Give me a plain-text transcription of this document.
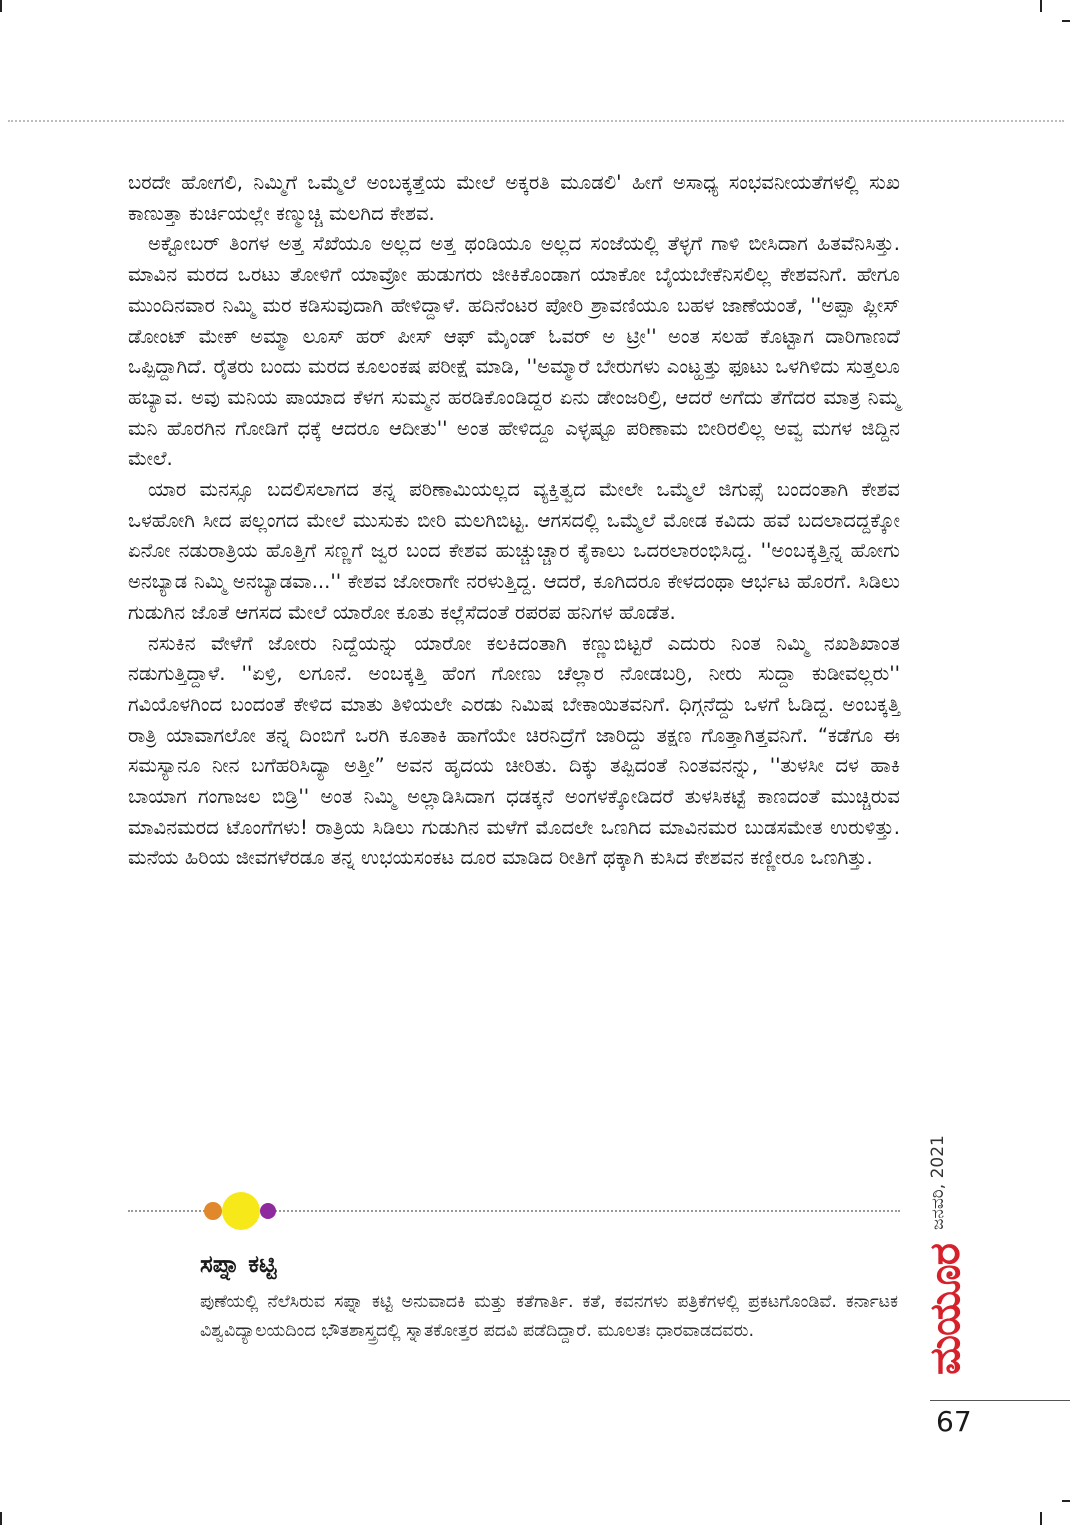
ಬರದೇ ಹೋಗಲಿ, ನಿಮ್ಮಿಗೆ ಒಮ್ಮೆಲೆ ಅಂಬಕ್ಕತ್ತೆಯ ಮೇಲೆ ಅಕ್ಕರತಿ ಮೂಡಲಿ' ಹೀಗೆ ಅಸಾಧ್ಯ ಸಂಭವನೀಯತೆಗಳಲ್ಲಿ ಸುಖ ಕಾಣುತ್ತಾ ಕುರ್ಚಿಯಲ್ಲೇ ಕಣ್ಮುಚ್ಚಿ ಮಲಗಿದ ಕೇಶವ.

ಅಕ್ಟೋಬರ್ ತಿಂಗಳ ಅತ್ತ ಸೆಖೆಯೂ ಅಲ್ಲದ ಅತ್ತ ಥಂಡಿಯೂ ಅಲ್ಲದ ಸಂಜೆಯಲ್ಲಿ ತೆಳ್ಳಗೆ ಗಾಳಿ ಬೀಸಿದಾಗ ಹಿತವೆನಿಸಿತ್ತು. ಮಾವಿನ ಮರದ ಒರಟು ತೋಳಿಗೆ ಯಾವ್ರೋ ಹುಡುಗರು ಜೀಕಿಕೊಂಡಾಗ ಯಾಕೋ ಬೈಯಬೇಕೆನಿಸಲಿಲ್ಲ ಕೇಶವನಿಗೆ. ಹೇಗೂ ಮುಂದಿನವಾರ ನಿಮ್ಮಿ ಮರ ಕಡಿಸುವುದಾಗಿ ಹೇಳಿದ್ದಾಳೆ. ಹದಿನೆಂಟರ ಪೋರಿ ಶ್ರಾವಣಿಯೂ ಬಹಳ ಜಾಣೆಯಂತೆ, ''ಅಪ್ಪಾ ಪ್ಲೀಸ್ ಡೋಂಟ್ ಮೇಕ್ ಅಮ್ಮಾ ಲೂಸ್ ಹರ್ ಪೀಸ್ ಆಫ್ ಮೈಂಡ್ ಓವರ್ ಅ ಟ್ರೀ'' ಅಂತ ಸಲಹೆ ಕೊಟ್ಟಾಗ ದಾರಿಗಾಣದೆ ಒಪ್ಪಿದ್ದಾಗಿದೆ. ರೈತರು ಬಂದು ಮರದ ಕೂಲಂಕಷ ಪರೀಕ್ಷೆ ಮಾಡಿ, ''ಅಮ್ಮಾರೆ ಬೇರುಗಳು ಎಂಟ್ಹತ್ತು ಫೂಟು ಒಳಗಿಳಿದು ಸುತ್ತಲೂ ಹಬ್ಯಾವ. ಅವು ಮನಿಯ ಪಾಯಾದ ಕೆಳಗ ಸುಮ್ಮನ ಹರಡಿಕೊಂಡಿದ್ದರ ಏನು ಡೇಂಜರಿಲ್ರಿ, ಆದರೆ ಅಗೆದು ತೆಗೆದರ ಮಾತ್ರ ನಿಮ್ಮ ಮನಿ ಹೊರಗಿನ ಗೋಡಿಗೆ ಧಕ್ಕೆ ಆದರೂ ಆದೀತು'' ಅಂತ ಹೇಳಿದ್ದೂ ಎಳ್ಳಷ್ಟೂ ಪರಿಣಾಮ ಬೀರಿರಲಿಲ್ಲ ಅವ್ವ ಮಗಳ ಜಿದ್ದಿನ ಮೇಲೆ.

ಯಾರ ಮನಸ್ಸೂ ಬದಲಿಸಲಾಗದ ತನ್ನ ಪರಿಣಾಮಿಯಲ್ಲದ ವ್ಯಕ್ತಿತ್ವದ ಮೇಲೇ ಒಮ್ಮೆಲೆ ಜಿಗುಪ್ಸೆ ಬಂದಂತಾಗಿ ಕೇಶವ ಒಳಹೋಗಿ ಸೀದ ಪಲ್ಲಂಗದ ಮೇಲೆ ಮುಸುಕು ಬೀರಿ ಮಲಗಿಬಿಟ್ಟ. ಆಗಸದಲ್ಲಿ ಒಮ್ಮೆಲೆ ಮೋಡ ಕವಿದು ಹವೆ ಬದಲಾದದ್ದಕ್ಕೋ ಏನೋ ನಡುರಾತ್ರಿಯ ಹೊತ್ತಿಗೆ ಸಣ್ಣಗೆ ಜ್ವರ ಬಂದ ಕೇಶವ ಹುಚ್ಚುಚ್ಚಾರ ಕೈಕಾಲು ಒದರಲಾರಂಭಿಸಿದ್ದ. ''ಅಂಬಕ್ಕತ್ತಿನ್ನ ಹೋಗು ಅನಬ್ಯಾಡ ನಿಮ್ಮಿ ಅನಬ್ಯಾಡವಾ...'' ಕೇಶವ ಜೋರಾಗೇ ನರಳುತ್ತಿದ್ದ. ಆದರೆ, ಕೂಗಿದರೂ ಕೇಳದಂಥಾ ಆರ್ಭಟ ಹೊರಗೆ. ಸಿಡಿಲು ಗುಡುಗಿನ ಜೊತೆ ಆಗಸದ ಮೇಲೆ ಯಾರೋ ಕೂತು ಕಲ್ಲೆಸೆದಂತೆ ರಪರಪ ಹನಿಗಳ ಹೊಡೆತ.

ನಸುಕಿನ ವೇಳೆಗೆ ಜೋರು ನಿದ್ದೆಯನ್ನು ಯಾರೋ ಕಲಕಿದಂತಾಗಿ ಕಣ್ಣುಬಿಟ್ಟರೆ ಎದುರು ನಿಂತ ನಿಮ್ಮಿ ನಖಶಿಖಾಂತ ನಡುಗುತ್ತಿದ್ದಾಳೆ. ''ಏಳ್ರಿ, ಲಗೂನೆ. ಅಂಬಕ್ಕತ್ತಿ ಹೆಂಗ ಗೋಣು ಚೆಲ್ಲಾರ ನೋಡಬರ್ರಿ, ನೀರು ಸುದ್ದಾ ಕುಡೀವಲ್ಲರು'' ಗವಿಯೊಳಗಿಂದ ಬಂದಂತೆ ಕೇಳಿದ ಮಾತು ತಿಳಿಯಲೇ ಎರಡು ನಿಮಿಷ ಬೇಕಾಯಿತವನಿಗೆ. ಧಿಗ್ಗನೆದ್ದು ಒಳಗೆ ಓಡಿದ್ದ. ಅಂಬಕ್ಕತ್ತಿ ರಾತ್ರಿ ಯಾವಾಗಲೋ ತನ್ನ ದಿಂಬಿಗೆ ಒರಗಿ ಕೂತಾಕಿ ಹಾಗೆಯೇ ಚಿರನಿದ್ರೆಗೆ ಜಾರಿದ್ದು ತಕ್ಷಣ ಗೊತ್ತಾಗಿತ್ತವನಿಗೆ. “ಕಡೆಗೂ ಈ ಸಮಸ್ಯಾನೂ ನೀನ ಬಗೆಹರಿಸಿದ್ಯಾ ಅತ್ತೀ” ಅವನ ಹೃದಯ ಚೀರಿತು. ದಿಕ್ಕು ತಪ್ಪಿದಂತೆ ನಿಂತವನನ್ನು, ''ತುಳಸೀ ದಳ ಹಾಕಿ ಬಾಯಾಗ ಗಂಗಾಜಲ ಬಿಡ್ರಿ'' ಅಂತ ನಿಮ್ಮಿ ಅಲ್ಲಾಡಿಸಿದಾಗ ಧಡಕ್ಕನೆ ಅಂಗಳಕ್ಕೋಡಿದರೆ ತುಳಸಿಕಟ್ಟೆ ಕಾಣದಂತೆ ಮುಚ್ಚಿರುವ ಮಾವಿನಮರದ ಟೊಂಗೆಗಳು! ರಾತ್ರಿಯ ಸಿಡಿಲು ಗುಡುಗಿನ ಮಳೆಗೆ ಮೊದಲೇ ಒಣಗಿದ ಮಾವಿನಮರ ಬುಡಸಮೇತ ಉರುಳಿತ್ತು. ಮನೆಯ ಹಿರಿಯ ಜೀವಗಳೆರಡೂ ತನ್ನ ಉಭಯಸಂಕಟ ದೂರ ಮಾಡಿದ ರೀತಿಗೆ ಥಕ್ಕಾಗಿ ಕುಸಿದ ಕೇಶವನ ಕಣ್ಣೀರೂ ಒಣಗಿತ್ತು.

ಸಪ್ನಾ ಕಟ್ಟಿ
ಪುಣೆಯಲ್ಲಿ ನೆಲೆಸಿರುವ ಸಪ್ನಾ ಕಟ್ಟಿ ಅನುವಾದಕಿ ಮತ್ತು ಕತೆಗಾರ್ತಿ. ಕತೆ, ಕವನಗಳು ಪತ್ರಿಕೆಗಳಲ್ಲಿ ಪ್ರಕಟಗೊಂಡಿವೆ. ಕರ್ನಾಟಕ ವಿಶ್ವವಿದ್ಯಾಲಯದಿಂದ ಭೌತಶಾಸ್ತ್ರದಲ್ಲಿ ಸ್ನಾತಕೋತ್ತರ ಪದವಿ ಪಡೆದಿದ್ದಾರೆ. ಮೂಲತಃ ಧಾರವಾಡದವರು.
ಜನವರಿ, 2021
ಮಯೂರ
67
